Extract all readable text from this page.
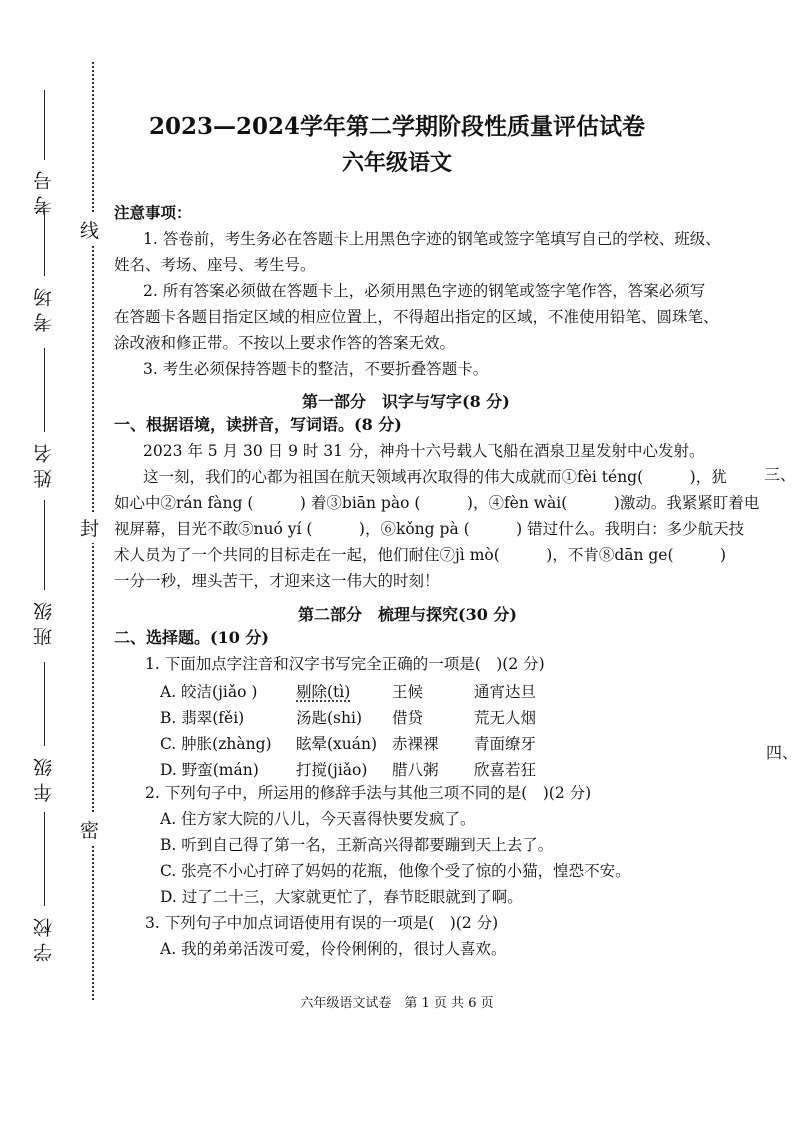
考号
考场
姓名
班级
年级
学校
线
封
密
2023—2024学年第二学期阶段性质量评估试卷
六年级语文
注意事项：
1. 答卷前，考生务必在答题卡上用黑色字迹的钢笔或签字笔填写自己的学校、班级、
姓名、考场、座号、考生号。
2. 所有答案必须做在答题卡上，必须用黑色字迹的钢笔或签字笔作答，答案必须写
在答题卡各题目指定区域的相应位置上，不得超出指定的区域，不准使用铅笔、圆珠笔、
涂改液和修正带。不按以上要求作答的答案无效。
3. 考生必须保持答题卡的整洁，不要折叠答题卡。
第一部分　识字与写字(8 分)
一、根据语境，读拼音，写词语。(8 分)
2023 年 5 月 30 日 9 时 31 分，神舟十六号载人飞船在酒泉卫星发射中心发射。
这一刻，我们的心都为祖国在航天领域再次取得的伟大成就而①fèi téng(　　　)，犹
如心中②rán fàng (　　　) 着③biān pào (　　　)，④fèn wài(　　　)激动。我紧紧盯着电
视屏幕，目光不敢⑤nuó yí (　　　)，⑥kǒng pà (　　　) 错过什么。我明白：多少航天技
术人员为了一个共同的目标走在一起，他们耐住⑦jì mò(　　　)，不肯⑧dān ge(　　　)
一分一秒，埋头苦干，才迎来这一伟大的时刻！
第二部分　梳理与探究(30 分)
二、选择题。(10 分)
1. 下面加点字注音和汉字书写完全正确的一项是(　)(2 分)
A. 皎洁(jiǎo ) 剔除(tì)	王候	通宵达旦
B. 翡翠(fěi)	汤匙(shi) 借贷	荒无人烟
C. 肿胀(zhàng) 眩晕(xuán) 赤裸裸 青面缭牙
D. 野蛮(mán) 打搅(jiǎo) 腊八粥 欣喜若狂
2. 下列句子中，所运用的修辞手法与其他三项不同的是(　)(2 分)
A. 住方家大院的八儿，今天喜得快要发疯了。
B. 听到自己得了第一名，王新高兴得都要蹦到天上去了。
C. 张亮不小心打碎了妈妈的花瓶，他像个受了惊的小猫，惶恐不安。
D. 过了二十三，大家就更忙了，春节眨眼就到了啊。
3. 下列句子中加点词语使用有误的一项是(　)(2 分)
A. 我的弟弟活泼可爱，伶伶俐俐的，很讨人喜欢。
三、
四、
六年级语文试卷　第 1 页 共 6 页
